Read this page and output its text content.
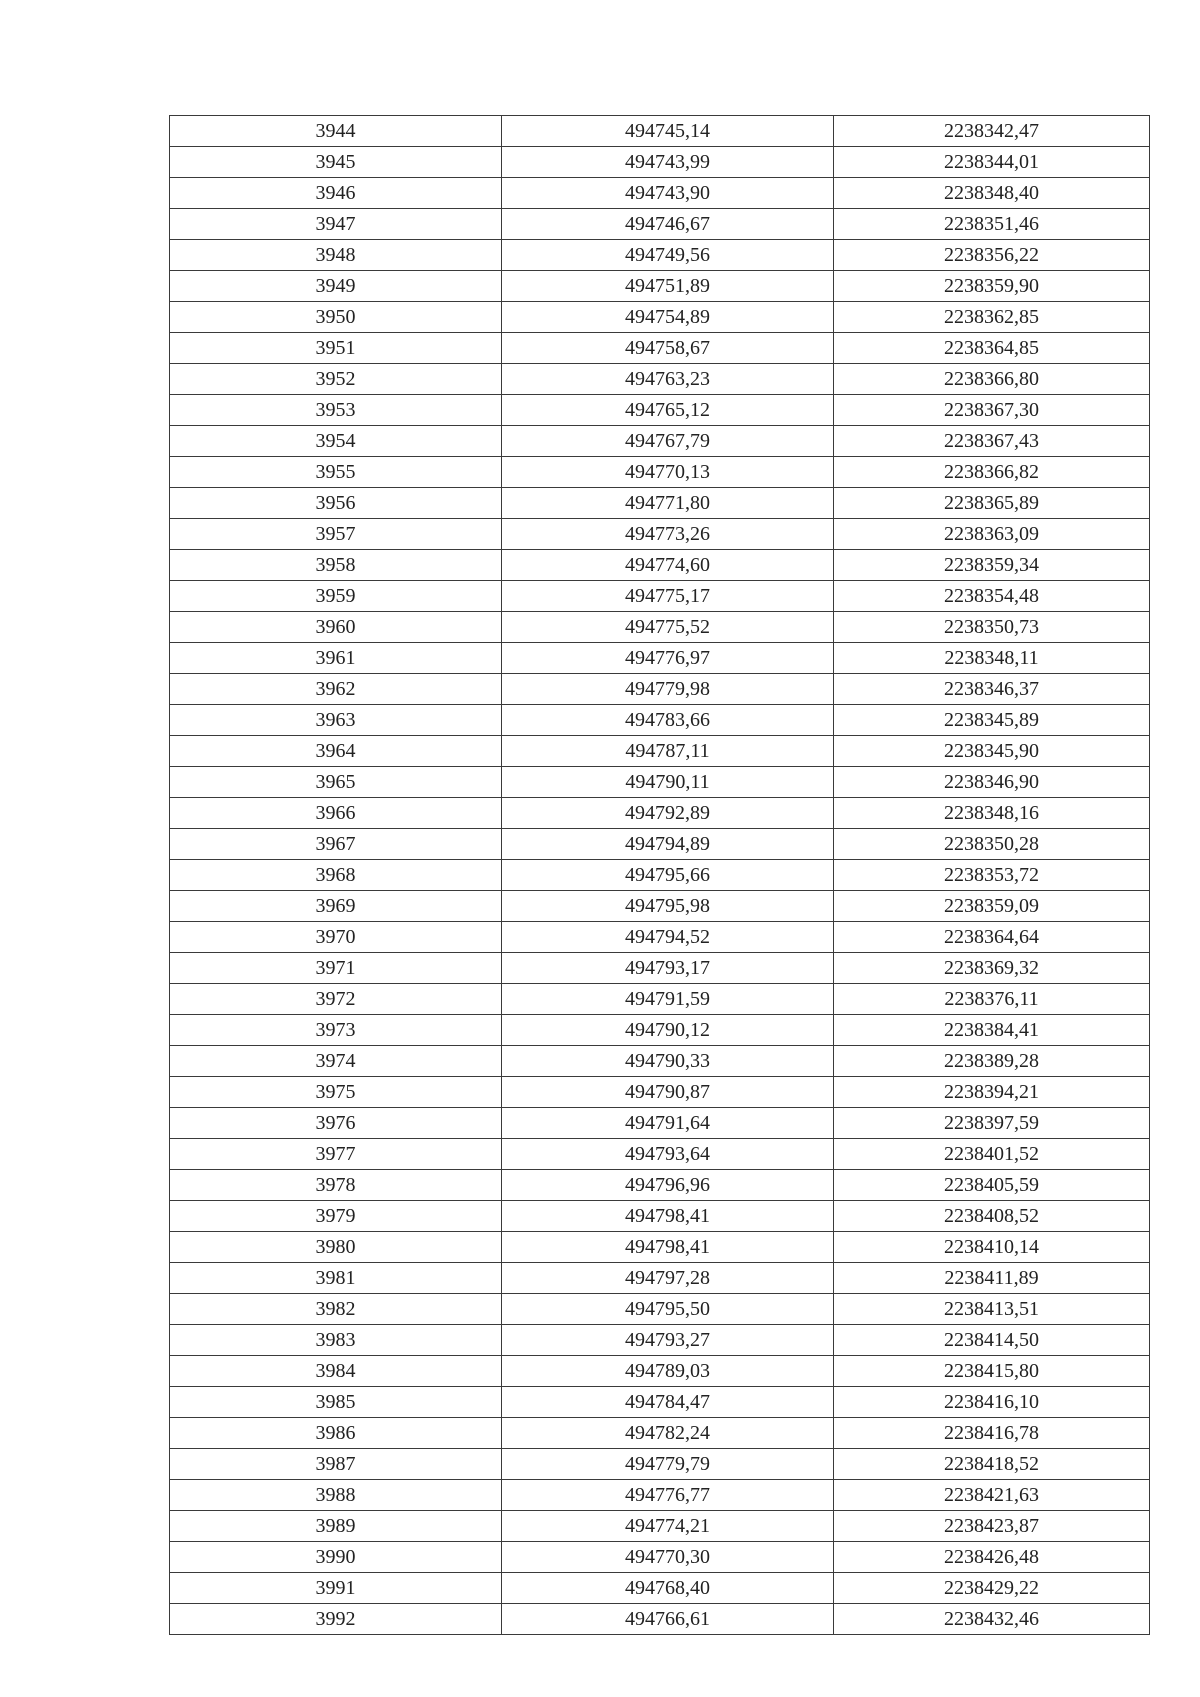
3944	494745,14	2238342,47
3945	494743,99	2238344,01
3946	494743,90	2238348,40
3947	494746,67	2238351,46
3948	494749,56	2238356,22
3949	494751,89	2238359,90
3950	494754,89	2238362,85
3951	494758,67	2238364,85
3952	494763,23	2238366,80
3953	494765,12	2238367,30
3954	494767,79	2238367,43
3955	494770,13	2238366,82
3956	494771,80	2238365,89
3957	494773,26	2238363,09
3958	494774,60	2238359,34
3959	494775,17	2238354,48
3960	494775,52	2238350,73
3961	494776,97	2238348,11
3962	494779,98	2238346,37
3963	494783,66	2238345,89
3964	494787,11	2238345,90
3965	494790,11	2238346,90
3966	494792,89	2238348,16
3967	494794,89	2238350,28
3968	494795,66	2238353,72
3969	494795,98	2238359,09
3970	494794,52	2238364,64
3971	494793,17	2238369,32
3972	494791,59	2238376,11
3973	494790,12	2238384,41
3974	494790,33	2238389,28
3975	494790,87	2238394,21
3976	494791,64	2238397,59
3977	494793,64	2238401,52
3978	494796,96	2238405,59
3979	494798,41	2238408,52
3980	494798,41	2238410,14
3981	494797,28	2238411,89
3982	494795,50	2238413,51
3983	494793,27	2238414,50
3984	494789,03	2238415,80
3985	494784,47	2238416,10
3986	494782,24	2238416,78
3987	494779,79	2238418,52
3988	494776,77	2238421,63
3989	494774,21	2238423,87
3990	494770,30	2238426,48
3991	494768,40	2238429,22
3992	494766,61	2238432,46
